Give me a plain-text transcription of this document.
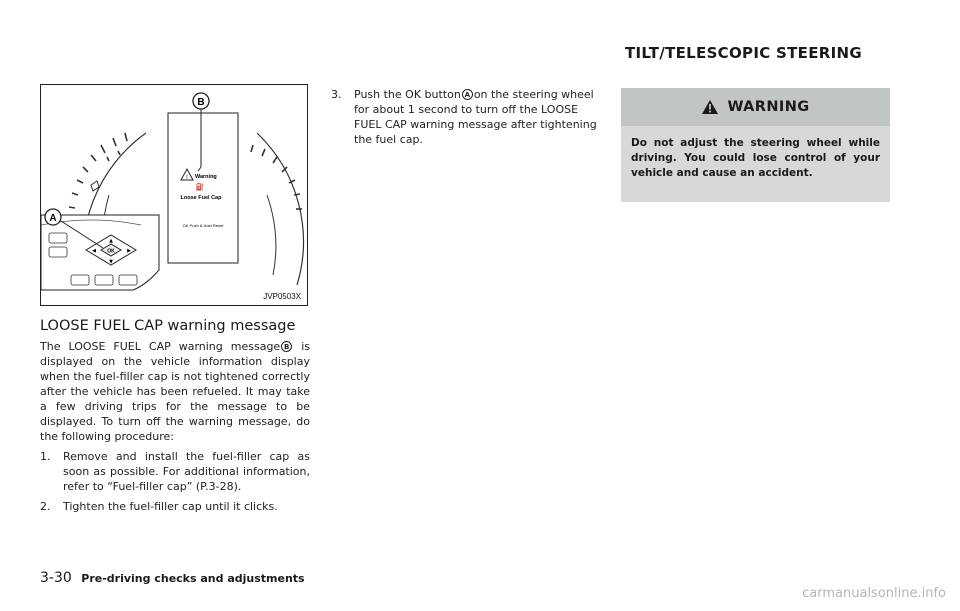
TILT/TELESCOPIC STEERING
B
! Warning
⛽
Loose Fuel Cap
OK Push & Hold Reset
OK
▲
▼
◀	▶
A
JVP0503X
LOOSE FUEL CAP warning message
The LOOSE FUEL CAP warning message B is displayed on the vehicle information display when the fuel-filler cap is not tightened correctly after the vehicle has been refueled. It may take a few driving trips for the message to be displayed. To turn off the warning message, do the following procedure:
1. Remove and install the fuel-filler cap as soon as possible. For additional information, refer to “Fuel-filler cap” (P.3-28).
2. Tighten the fuel-filler cap until it clicks.
3. Push the OK button A on the steering wheel for about 1 second to turn off the LOOSE FUEL CAP warning message after tightening the fuel cap.
WARNING
Do not adjust the steering wheel while driving. You could lose control of your vehicle and cause an accident.
3-30 Pre-driving checks and adjustments
carmanualsonline.info
